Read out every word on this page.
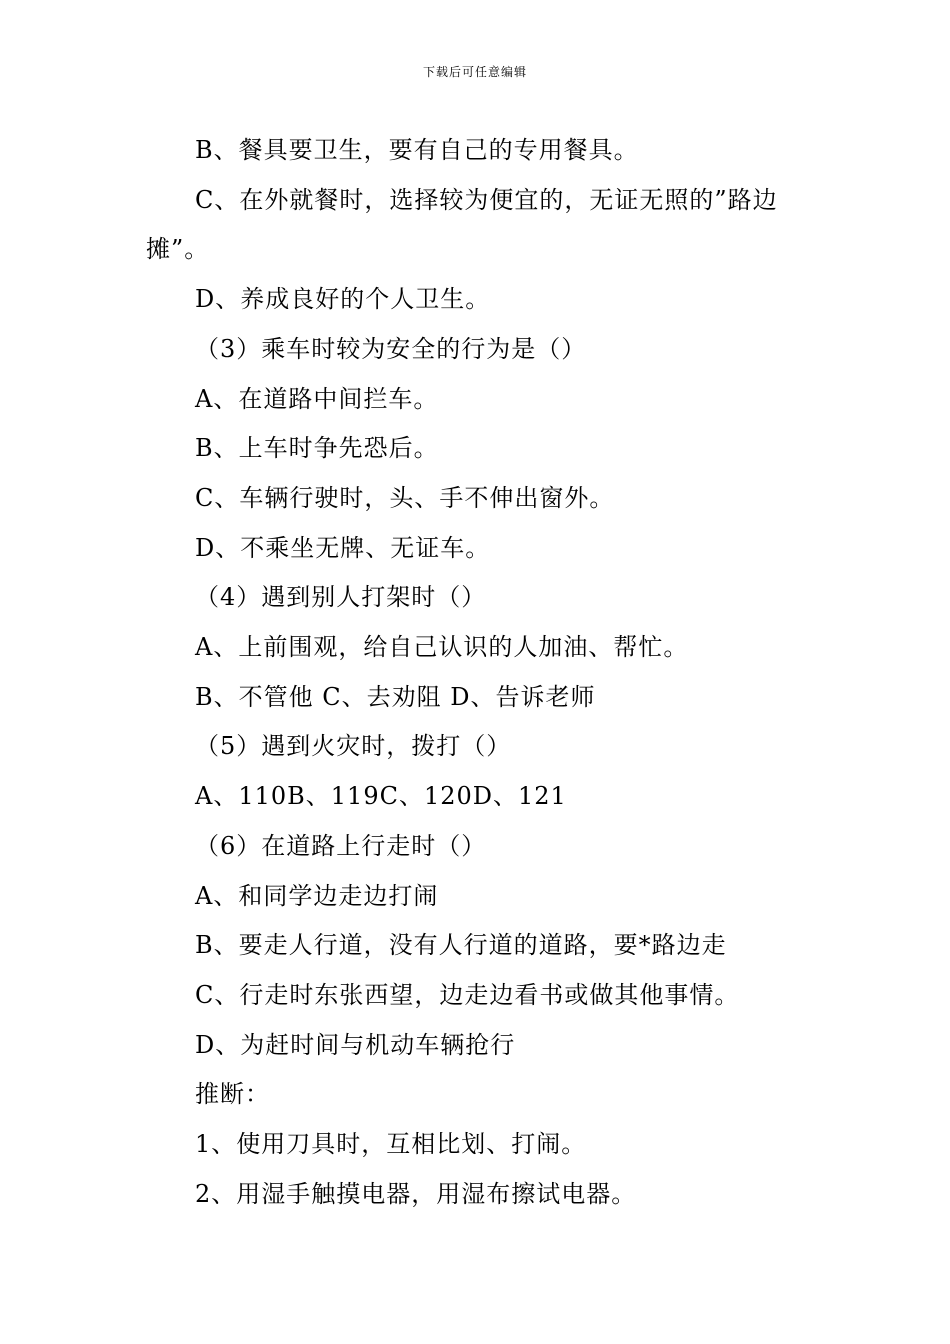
下载后可任意编辑

B、餐具要卫生，要有自己的专用餐具。

C、在外就餐时，选择较为便宜的，无证无照的”路边摊”。

D、养成良好的个人卫生。

（3）乘车时较为安全的行为是（）

A、在道路中间拦车。

B、上车时争先恐后。

C、车辆行驶时，头、手不伸出窗外。

D、不乘坐无牌、无证车。

（4）遇到别人打架时（）

A、上前围观，给自己认识的人加油、帮忙。

B、不管他 C、去劝阻 D、告诉老师

（5）遇到火灾时，拨打（）

A、110B、119C、120D、121

（6）在道路上行走时（）

A、和同学边走边打闹

B、要走人行道，没有人行道的道路，要*路边走

C、行走时东张西望，边走边看书或做其他事情。

D、为赶时间与机动车辆抢行

推断：

1、使用刀具时，互相比划、打闹。

2、用湿手触摸电器，用湿布擦试电器。
